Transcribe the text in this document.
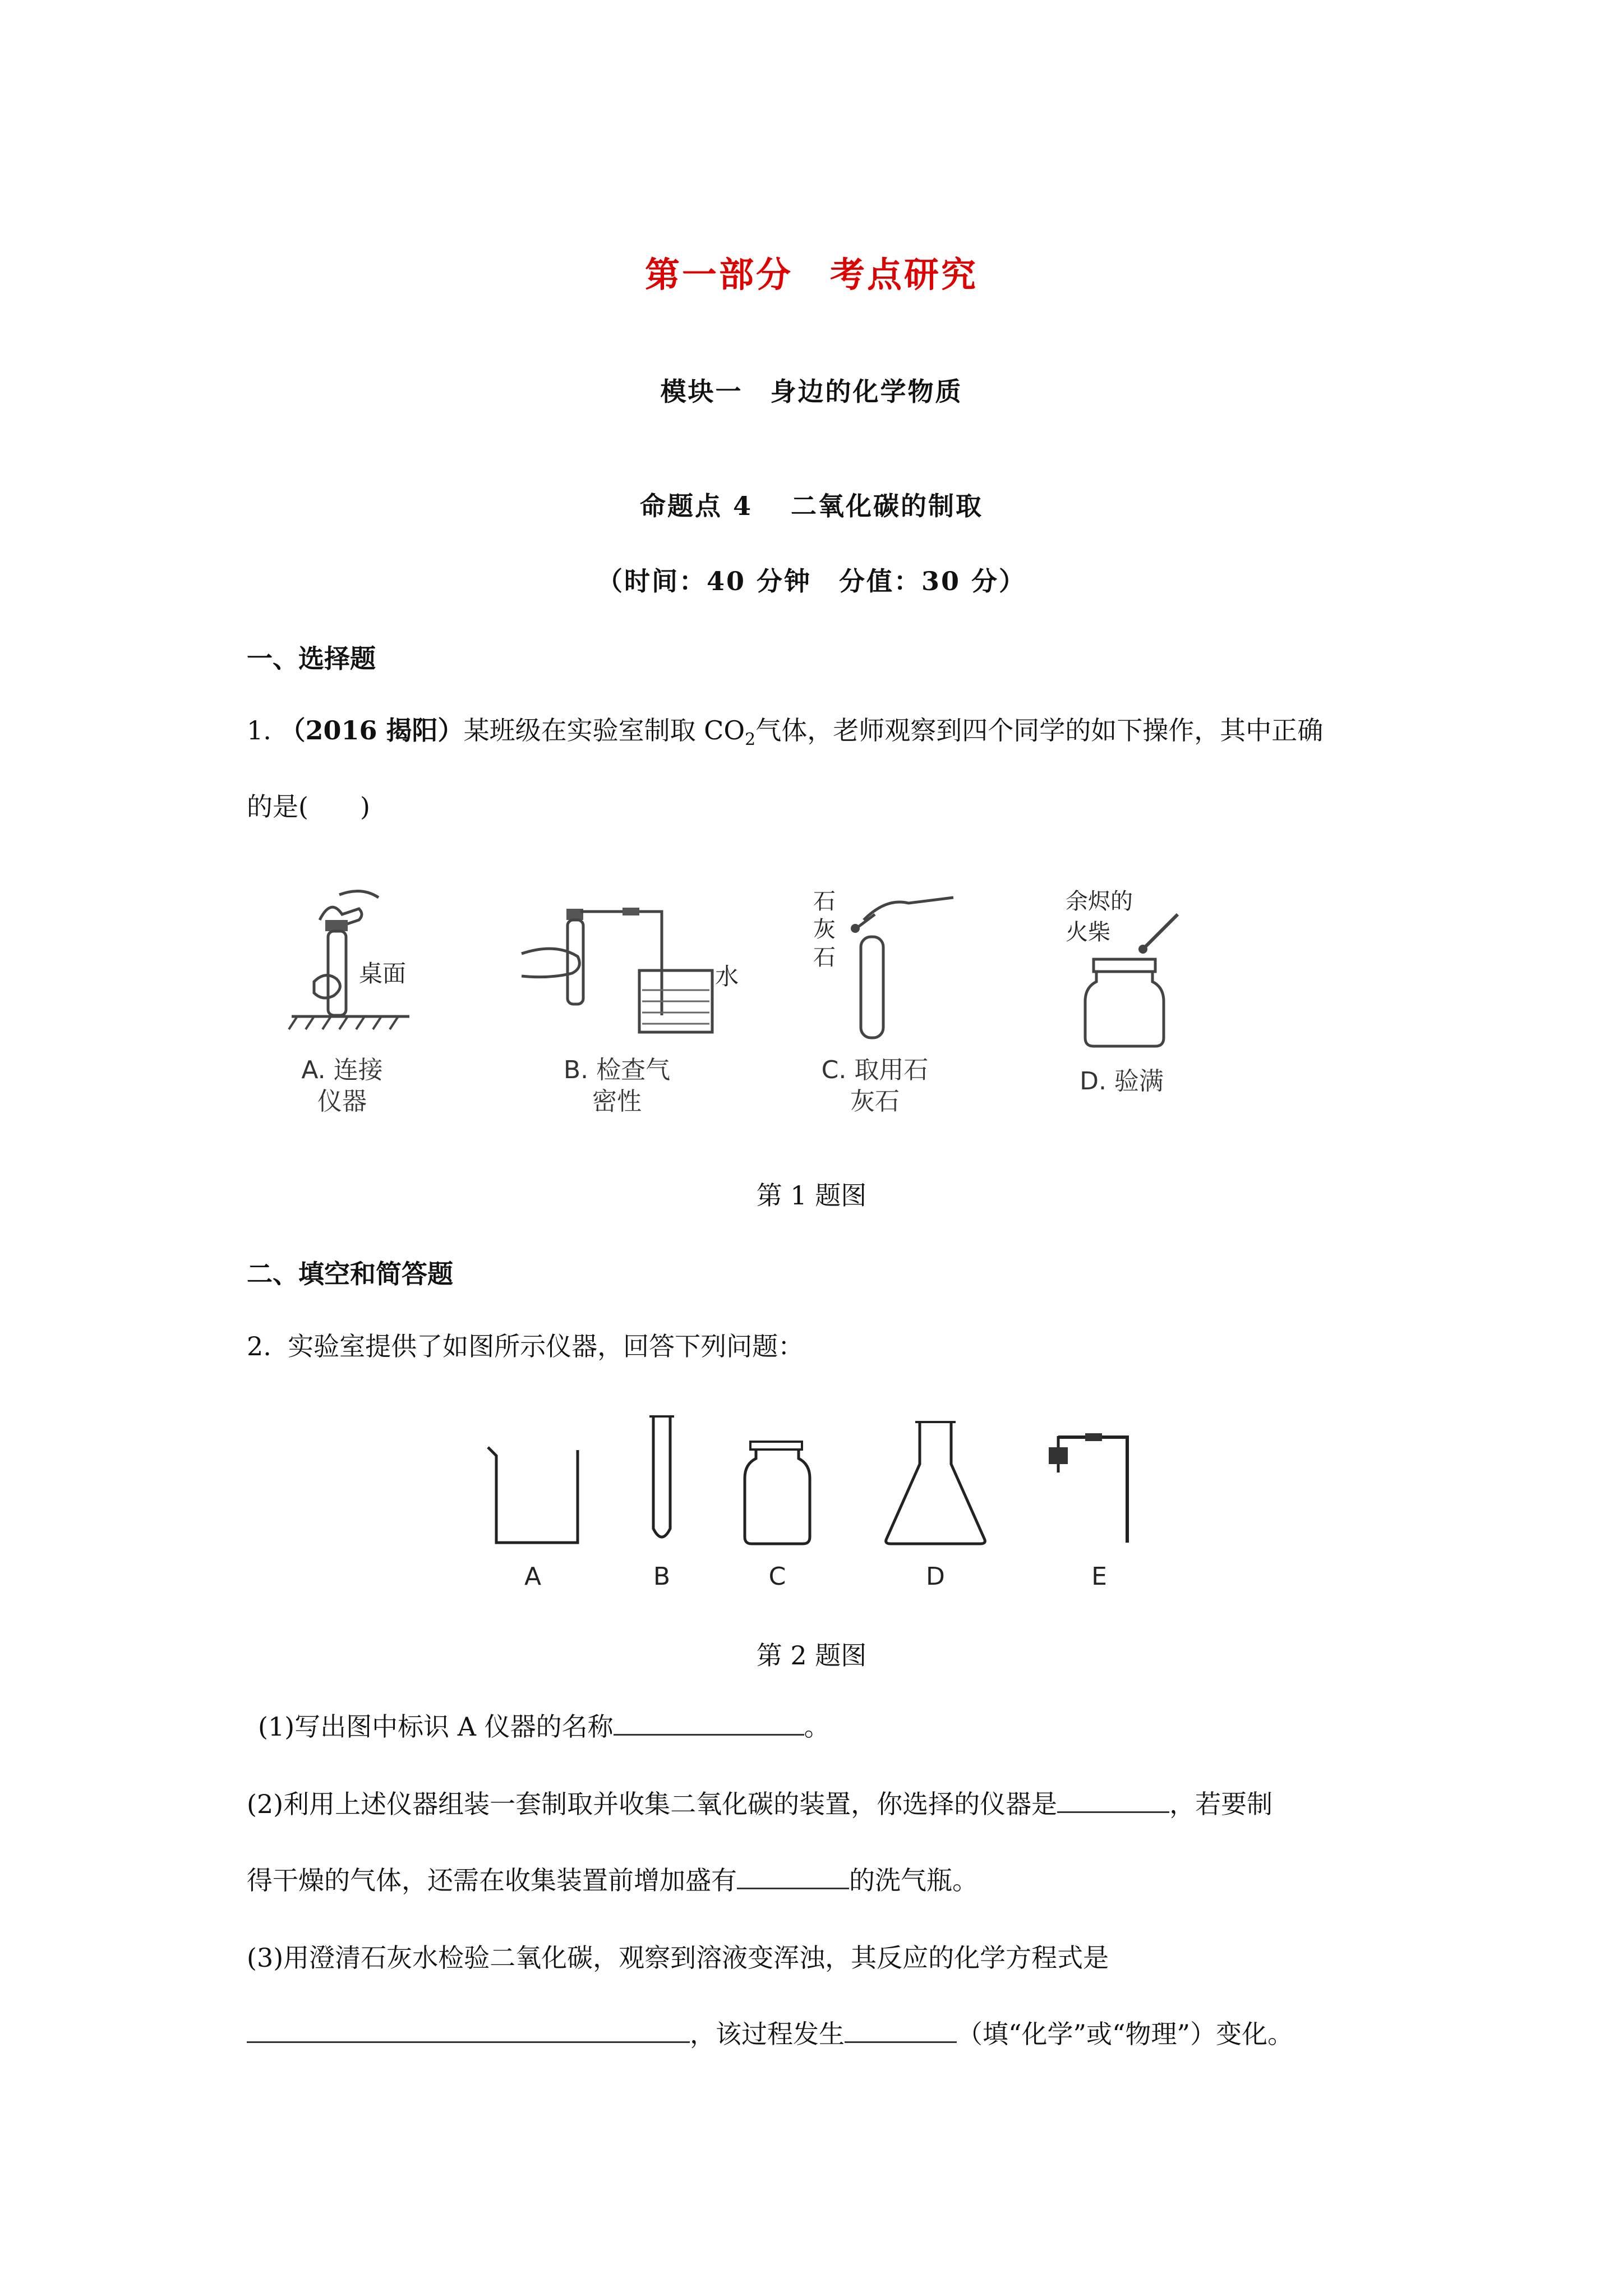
第一部分　考点研究
模块一　身边的化学物质
命题点 4　 二氧化碳的制取
（时间：40 分钟　分值：30 分）
一、选择题
1. （2016 揭阳）某班级在实验室制取 $CO_2$气体，老师观察到四个同学的如下操作，其中正确
的是(　　)
桌面
A. 连接
仪器
水
B. 检查气
密性
石
灰
石
C. 取用石
灰石
余烬的
火柴
D. 验满
第 1 题图
二、填空和简答题
2. 实验室提供了如图所示仪器，回答下列问题：
A	B	C	D	E
第 2 题图
(1)写出图中标识 A 仪器的名称	。
(2)利用上述仪器组装一套制取并收集二氧化碳的装置，你选择的仪器是	，若要制
得干燥的气体，还需在收集装置前增加盛有	的洗气瓶。
(3)用澄清石灰水检验二氧化碳，观察到溶液变浑浊，其反应的化学方程式是
，该过程发生	（填“化学”或“物理”）变化。
